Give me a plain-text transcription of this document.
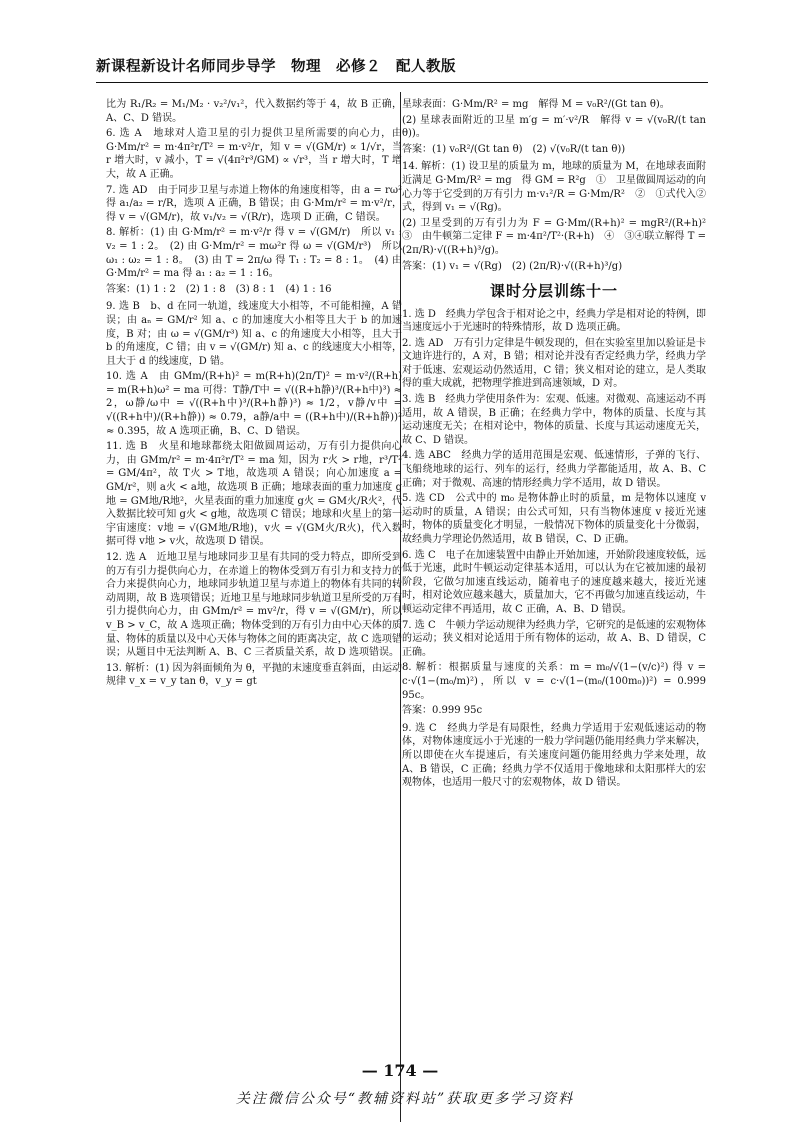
新课程新设计名师同步导学　物理　必修２　配人教版

比为 R₁/R₂ = M₁/M₂ · v₂²/v₁²，代入数据约等于 4，故 B 正确，A、C、D 错误。

6. 选 A　地球对人造卫星的引力提供卫星所需要的向心力，由 G·Mm/r² = m·4π²r/T² = m·v²/r，知 v = √(GM/r) ∝ 1/√r，当 r 增大时，v 减小，T = √(4π²r³/GM) ∝ √r³，当 r 增大时，T 增大，故 A 正确。

7. 选 AD　由于同步卫星与赤道上物体的角速度相等，由 a = rω² 得 a₁/a₂ = r/R，选项 A 正确，B 错误；由 G·Mm/r² = m·v²/r，得 v = √(GM/r)，故 v₁/v₂ = √(R/r)，选项 D 正确，C 错误。

8. 解析：(1) 由 G·Mm/r² = m·v²/r 得 v = √(GM/r)　所以 v₁ : v₂ = 1 : 2。　(2) 由 G·Mm/r² = mω²r 得 ω = √(GM/r³)　所以 ω₁ : ω₂ = 1 : 8。　(3) 由 T = 2π/ω 得 T₁ : T₂ = 8 : 1。　(4) 由 G·Mm/r² = ma 得 a₁ : a₂ = 1 : 16。

答案：(1) 1 : 2　(2) 1 : 8　(3) 8 : 1　(4) 1 : 16

9. 选 B　b、d 在同一轨道，线速度大小相等，不可能相撞，A 错误；由 aₙ = GM/r² 知 a、c 的加速度大小相等且大于 b 的加速度，B 对；由 ω = √(GM/r³) 知 a、c 的角速度大小相等，且大于 b 的角速度，C 错；由 v = √(GM/r) 知 a、c 的线速度大小相等，且大于 d 的线速度，D 错。

10. 选 A　由 GMm/(R+h)² = m(R+h)(2π/T)² = m·v²/(R+h) = m(R+h)ω² = ma 可得：T静/T中 = √((R+h静)³/(R+h中)³) ≈ 2，ω静/ω中 = √((R+h中)³/(R+h静)³) ≈ 1/2，v静/v中 = √((R+h中)/(R+h静)) ≈ 0.79，a静/a中 = ((R+h中)/(R+h静))² ≈ 0.395，故 A 选项正确，B、C、D 错误。

11. 选 B　火星和地球都绕太阳做圆周运动，万有引力提供向心力，由 GMm/r² = m·4π²r/T² = ma 知，因为 r火 > r地，r³/T² = GM/4π²，故 T火 > T地，故选项 A 错误；向心加速度 a = GM/r²，则 a火 < a地，故选项 B 正确；地球表面的重力加速度 g地 = GM地/R地²，火星表面的重力加速度 g火 = GM火/R火²，代入数据比较可知 g火 < g地，故选项 C 错误；地球和火星上的第一宇宙速度：v地 = √(GM地/R地)，v火 = √(GM火/R火)，代入数据可得 v地 > v火，故选项 D 错误。

12. 选 A　近地卫星与地球同步卫星有共同的受力特点，即所受到的万有引力提供向心力，在赤道上的物体受到万有引力和支持力的合力来提供向心力，地球同步轨道卫星与赤道上的物体有共同的转动周期，故 B 选项错误；近地卫星与地球同步轨道卫星所受的万有引力提供向心力，由 GMm/r² = mv²/r，得 v = √(GM/r)，所以 v_B > v_C，故 A 选项正确；物体受到的万有引力由中心天体的质量、物体的质量以及中心天体与物体之间的距离决定，故 C 选项错误；从题目中无法判断 A、B、C 三者质量关系，故 D 选项错误。

13. 解析：(1) 因为斜面倾角为 θ，平抛的末速度垂直斜面，由运动规律 v_x = v_y tan θ，v_y = gt

星球表面：G·Mm/R² = mg　解得 M = v₀R²/(Gt tan θ)。

(2) 星球表面附近的卫星 m′g = m′·v²/R　解得 v = √(v₀R/(t tan θ))。

答案：(1) v₀R²/(Gt tan θ)　(2) √(v₀R/(t tan θ))

14. 解析：(1) 设卫星的质量为 m，地球的质量为 M，在地球表面附近满足 G·Mm/R² = mg　得 GM = R²g　①　卫星做圆周运动的向心力等于它受到的万有引力 m·v₁²/R = G·Mm/R²　②　①式代入②式，得到 v₁ = √(Rg)。

(2) 卫星受到的万有引力为 F = G·Mm/(R+h)² = mgR²/(R+h)²　③　由牛顿第二定律 F = m·4π²/T²·(R+h)　④　③④联立解得 T = (2π/R)·√((R+h)³/g)。

答案：(1) v₁ = √(Rg)　(2) (2π/R)·√((R+h)³/g)

课时分层训练十一

1. 选 D　经典力学包含于相对论之中，经典力学是相对论的特例，即当速度远小于光速时的特殊情形，故 D 选项正确。

2. 选 AD　万有引力定律是牛顿发现的，但在实验室里加以验证是卡文迪许进行的，A 对，B 错；相对论并没有否定经典力学，经典力学对于低速、宏观运动仍然适用，C 错；狭义相对论的建立，是人类取得的重大成就，把物理学推进到高速领域，D 对。

3. 选 B　经典力学使用条件为：宏观、低速。对微观、高速运动不再适用，故 A 错误，B 正确；在经典力学中，物体的质量、长度与其运动速度无关；在相对论中，物体的质量、长度与其运动速度无关，故 C、D 错误。

4. 选 ABC　经典力学的适用范围是宏观、低速情形，子弹的飞行、飞船绕地球的运行、列车的运行，经典力学都能适用，故 A、B、C 正确；对于微观、高速的情形经典力学不适用，故 D 错误。

5. 选 CD　公式中的 m₀ 是物体静止时的质量，m 是物体以速度 v 运动时的质量，A 错误；由公式可知，只有当物体速度 v 接近光速时，物体的质量变化才明显，一般情况下物体的质量变化十分微弱，故经典力学理论仍然适用，故 B 错误，C、D 正确。

6. 选 C　电子在加速装置中由静止开始加速，开始阶段速度较低，远低于光速，此时牛顿运动定律基本适用，可以认为在它被加速的最初阶段，它做匀加速直线运动，随着电子的速度越来越大，接近光速时，相对论效应越来越大，质量加大，它不再做匀加速直线运动，牛顿运动定律不再适用，故 C 正确，A、B、D 错误。

7. 选 C　牛顿力学运动规律为经典力学，它研究的是低速的宏观物体的运动；狭义相对论适用于所有物体的运动，故 A、B、D 错误，C 正确。

8. 解析：根据质量与速度的关系：m = m₀/√(1−(v/c)²) 得 v = c·√(1−(m₀/m)²)，所以 v = c·√(1−(m₀/(100m₀))²) = 0.999 95c。

答案：0.999 95c

9. 选 C　经典力学是有局限性，经典力学适用于宏观低速运动的物体，对物体速度远小于光速的一般力学问题仍能用经典力学来解决，所以即使在火车提速后，有关速度问题仍能用经典力学来处理，故 A、B 错误，C 正确；经典力学不仅适用于像地球和太阳那样大的宏观物体，也适用一般尺寸的宏观物体，故 D 错误。

— 174 —
关注微信公众号“教辅资料站”获取更多学习资料
